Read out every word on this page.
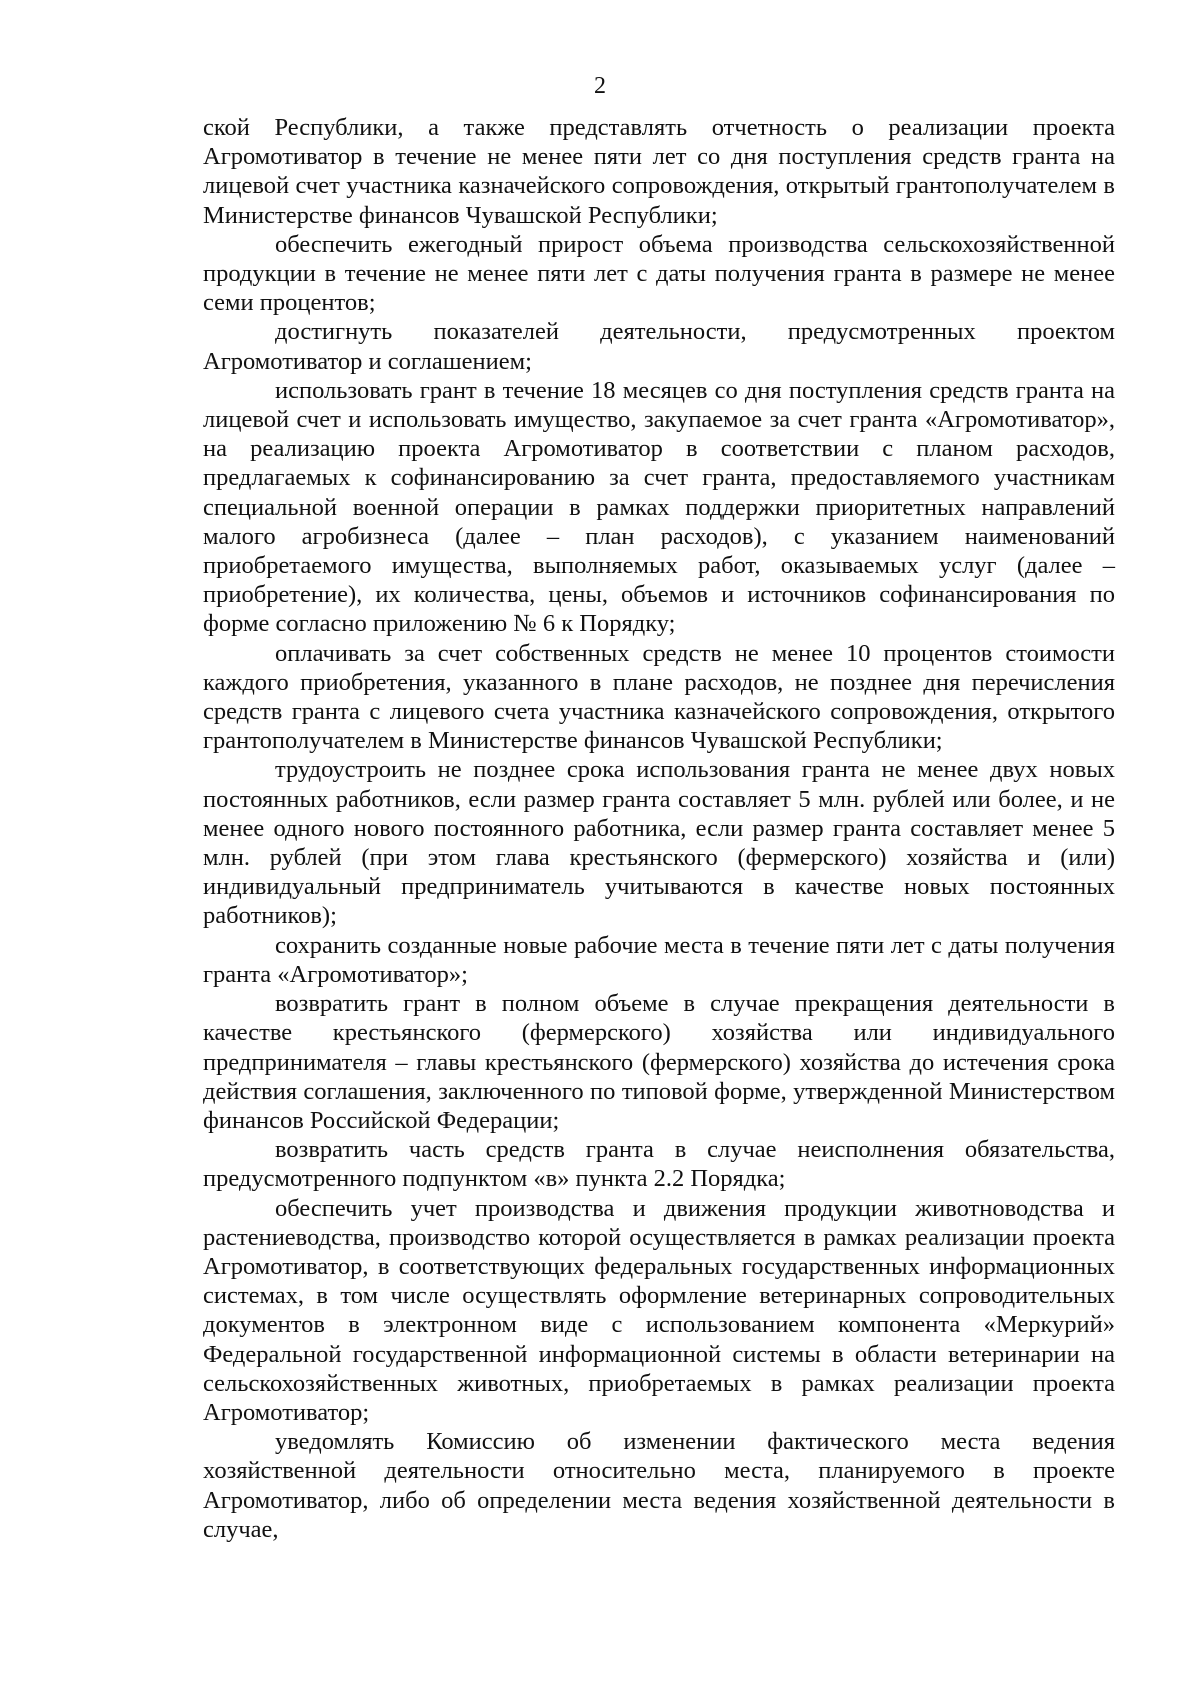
2

ской Республики, а также представлять отчетность о реализации проекта Агромотиватор в течение не менее пяти лет со дня поступления средств гранта на лицевой счет участника казначейского сопровождения, открытый грантополучателем в Министерстве финансов Чувашской Республики;

обеспечить ежегодный прирост объема производства сельскохозяйственной продукции в течение не менее пяти лет с даты получения гранта в размере не менее семи процентов;

достигнуть показателей деятельности, предусмотренных проектом Агромотиватор и соглашением;

использовать грант в течение 18 месяцев со дня поступления средств гранта на лицевой счет и использовать имущество, закупаемое за счет гранта «Агромотиватор», на реализацию проекта Агромотиватор в соответствии с планом расходов, предлагаемых к софинансированию за счет гранта, предоставляемого участникам специальной военной операции в рамках поддержки приоритетных направлений малого агробизнеса (далее – план расходов), с указанием наименований приобретаемого имущества, выполняемых работ, оказываемых услуг (далее – приобретение), их количества, цены, объемов и источников софинансирования по форме согласно приложению № 6 к Порядку;

оплачивать за счет собственных средств не менее 10 процентов стоимости каждого приобретения, указанного в плане расходов, не позднее дня перечисления средств гранта с лицевого счета участника казначейского сопровождения, открытого грантополучателем в Министерстве финансов Чувашской Республики;

трудоустроить не позднее срока использования гранта не менее двух новых постоянных работников, если размер гранта составляет 5 млн. рублей или более, и не менее одного нового постоянного работника, если размер гранта составляет менее 5 млн. рублей (при этом глава крестьянского (фермерского) хозяйства и (или) индивидуальный предприниматель учитываются в качестве новых постоянных работников);

сохранить созданные новые рабочие места в течение пяти лет с даты получения гранта «Агромотиватор»;

возвратить грант в полном объеме в случае прекращения деятельности в качестве крестьянского (фермерского) хозяйства или индивидуального предпринимателя – главы крестьянского (фермерского) хозяйства до истечения срока действия соглашения, заключенного по типовой форме, утвержденной Министерством финансов Российской Федерации;

возвратить часть средств гранта в случае неисполнения обязательства, предусмотренного подпунктом «в» пункта 2.2 Порядка;

обеспечить учет производства и движения продукции животноводства и растениеводства, производство которой осуществляется в рамках реализации проекта Агромотиватор, в соответствующих федеральных государственных информационных системах, в том числе осуществлять оформление ветеринарных сопроводительных документов в электронном виде с использованием компонента «Меркурий» Федеральной государственной информационной системы в области ветеринарии на сельскохозяйственных животных, приобретаемых в рамках реализации проекта Агромотиватор;

уведомлять Комиссию об изменении фактического места ведения хозяйственной деятельности относительно места, планируемого в проекте Агромотиватор, либо об определении места ведения хозяйственной деятельности в случае,
